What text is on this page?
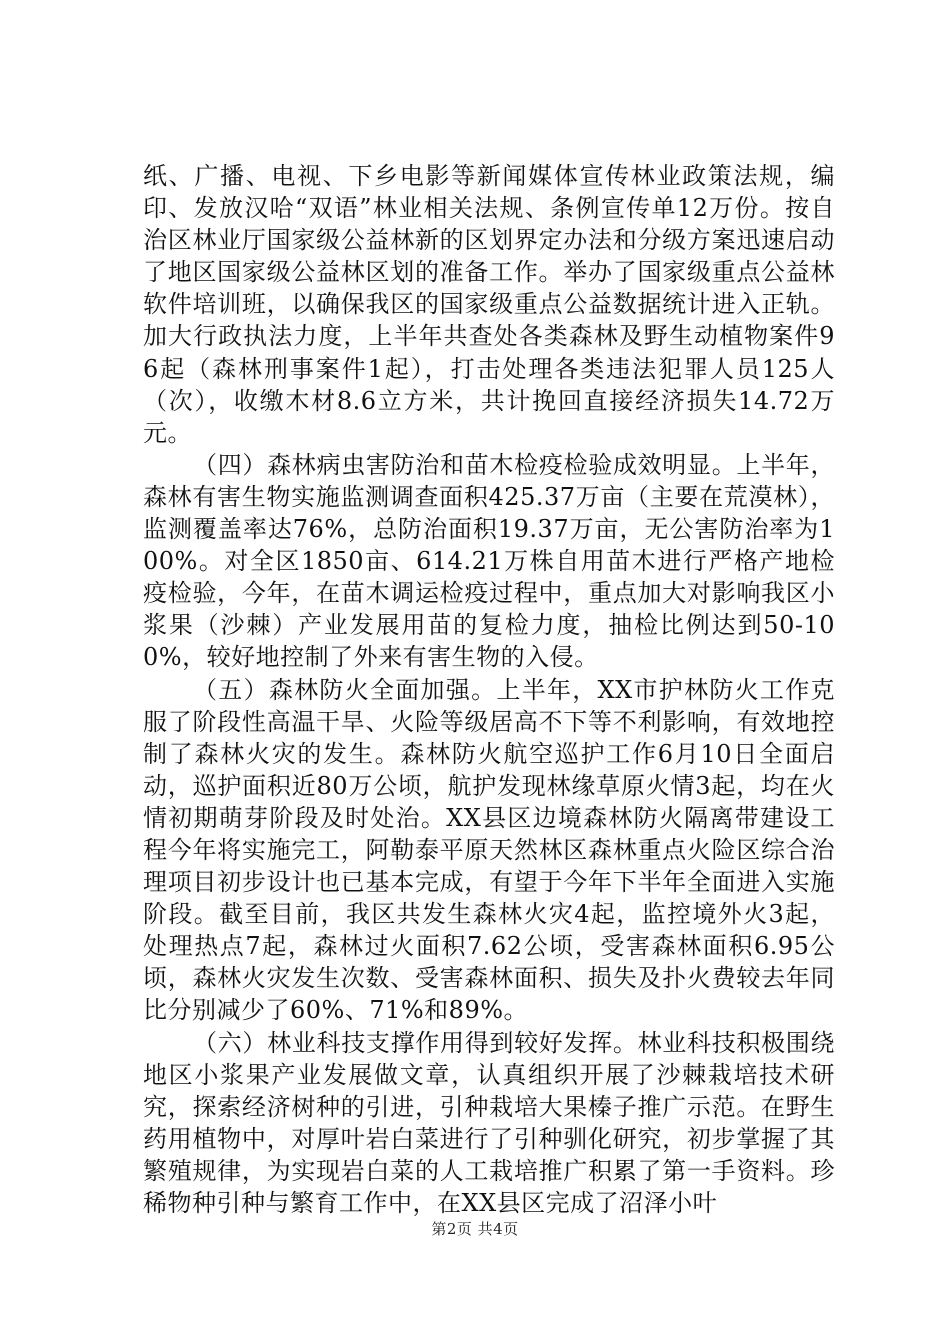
纸、广播、电视、下乡电影等新闻媒体宣传林业政策法规，编印、发放汉哈“双语”林业相关法规、条例宣传单12万份。按自治区林业厅国家级公益林新的区划界定办法和分级方案迅速启动了地区国家级公益林区划的准备工作。举办了国家级重点公益林软件培训班，以确保我区的国家级重点公益数据统计进入正轨。加大行政执法力度，上半年共查处各类森林及野生动植物案件96起（森林刑事案件1起），打击处理各类违法犯罪人员125人（次），收缴木材8.6立方米，共计挽回直接经济损失14.72万元。

（四）森林病虫害防治和苗木检疫检验成效明显。上半年，森林有害生物实施监测调查面积425.37万亩（主要在荒漠林），监测覆盖率达76%，总防治面积19.37万亩，无公害防治率为100%。对全区1850亩、614.21万株自用苗木进行严格产地检疫检验，今年，在苗木调运检疫过程中，重点加大对影响我区小浆果（沙棘）产业发展用苗的复检力度，抽检比例达到50-100%，较好地控制了外来有害生物的入侵。

（五）森林防火全面加强。上半年，XX市护林防火工作克服了阶段性高温干旱、火险等级居高不下等不利影响，有效地控制了森林火灾的发生。森林防火航空巡护工作6月10日全面启动，巡护面积近80万公顷，航护发现林缘草原火情3起，均在火情初期萌芽阶段及时处治。XX县区边境森林防火隔离带建设工程今年将实施完工，阿勒泰平原天然林区森林重点火险区综合治理项目初步设计也已基本完成，有望于今年下半年全面进入实施阶段。截至目前，我区共发生森林火灾4起，监控境外火3起，处理热点7起，森林过火面积7.62公顷，受害森林面积6.95公顷，森林火灾发生次数、受害森林面积、损失及扑火费较去年同比分别减少了60%、71%和89%。

（六）林业科技支撑作用得到较好发挥。林业科技积极围绕地区小浆果产业发展做文章，认真组织开展了沙棘栽培技术研究，探索经济树种的引进，引种栽培大果榛子推广示范。在野生药用植物中，对厚叶岩白菜进行了引种驯化研究，初步掌握了其繁殖规律，为实现岩白菜的人工栽培推广积累了第一手资料。珍稀物种引种与繁育工作中，在XX县区完成了沼泽小叶

第2页 共4页
